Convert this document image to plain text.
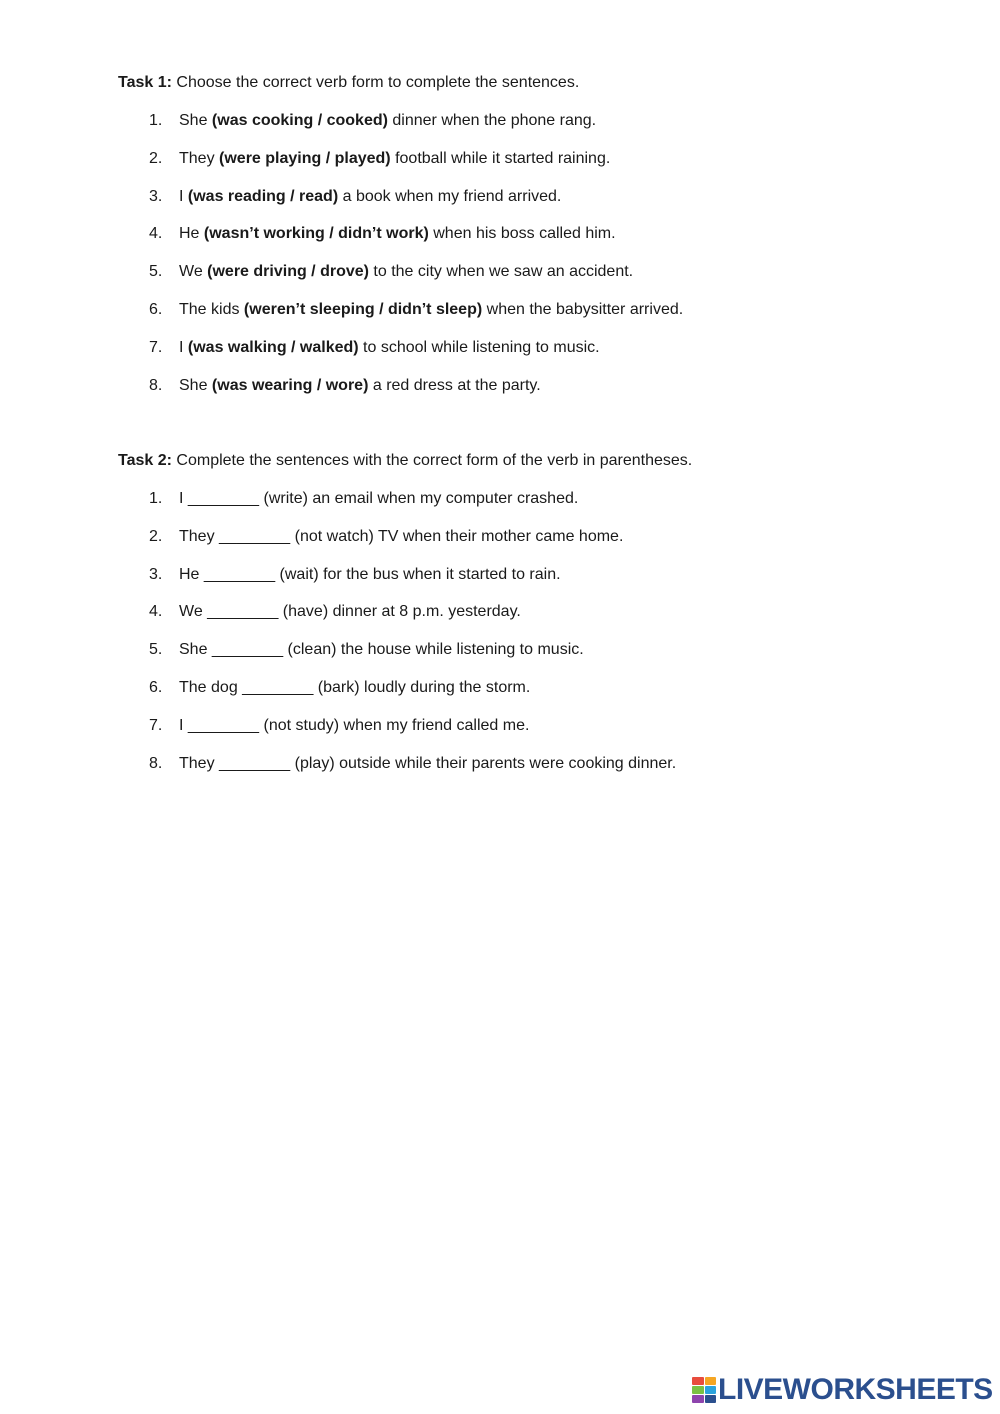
Task 1: Choose the correct verb form to complete the sentences.

1. She (was cooking / cooked) dinner when the phone rang.
2. They (were playing / played) football while it started raining.
3. I (was reading / read) a book when my friend arrived.
4. He (wasn’t working / didn’t work) when his boss called him.
5. We (were driving / drove) to the city when we saw an accident.
6. The kids (weren’t sleeping / didn’t sleep) when the babysitter arrived.
7. I (was walking / walked) to school while listening to music.
8. She (was wearing / wore) a red dress at the party.

Task 2: Complete the sentences with the correct form of the verb in parentheses.

1. I ________ (write) an email when my computer crashed.
2. They ________ (not watch) TV when their mother came home.
3. He ________ (wait) for the bus when it started to rain.
4. We ________ (have) dinner at 8 p.m. yesterday.
5. She ________ (clean) the house while listening to music.
6. The dog ________ (bark) loudly during the storm.
7. I ________ (not study) when my friend called me.
8. They ________ (play) outside while their parents were cooking dinner.
LIVEWORKSHEETS
